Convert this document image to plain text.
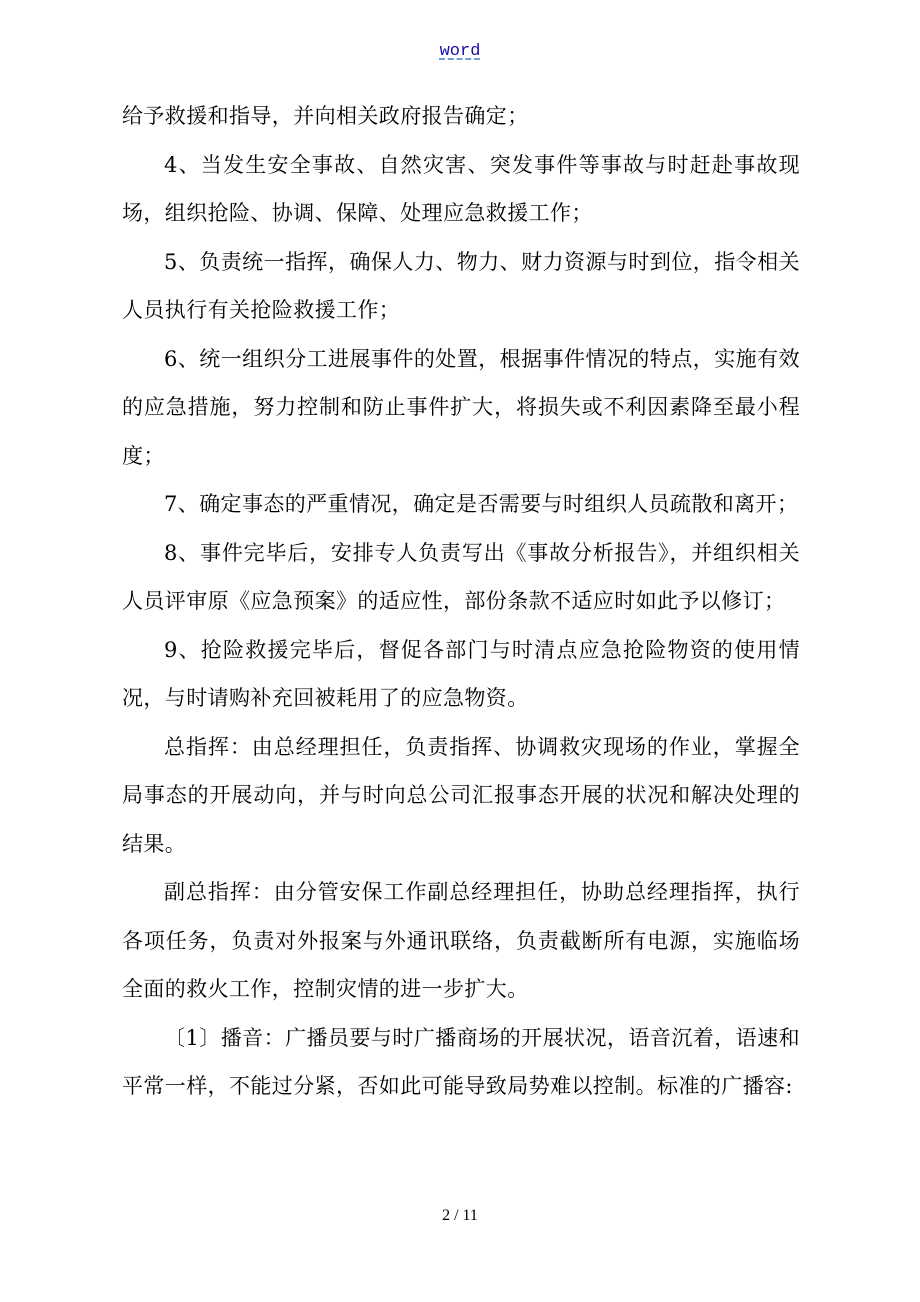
word

给予救援和指导，并向相关政府报告确定；

4、当发生安全事故、自然灾害、突发事件等事故与时赶赴事故现场，组织抢险、协调、保障、处理应急救援工作；

5、负责统一指挥，确保人力、物力、财力资源与时到位，指令相关人员执行有关抢险救援工作；

6、统一组织分工进展事件的处置，根据事件情况的特点，实施有效的应急措施，努力控制和防止事件扩大，将损失或不利因素降至最小程度；

7、确定事态的严重情况，确定是否需要与时组织人员疏散和离开；

8、事件完毕后，安排专人负责写出《事故分析报告》，并组织相关人员评审原《应急预案》的适应性，部份条款不适应时如此予以修订；

9、抢险救援完毕后，督促各部门与时清点应急抢险物资的使用情况，与时请购补充回被耗用了的应急物资。

总指挥：由总经理担任，负责指挥、协调救灾现场的作业，掌握全局事态的开展动向，并与时向总公司汇报事态开展的状况和解决处理的结果。

副总指挥：由分管安保工作副总经理担任，协助总经理指挥，执行各项任务，负责对外报案与外通讯联络，负责截断所有电源，实施临场全面的救火工作，控制灾情的进一步扩大。

〔1〕播音：广播员要与时广播商场的开展状况，语音沉着，语速和平常一样，不能过分紧，否如此可能导致局势难以控制。标准的广播容:

2 / 11
